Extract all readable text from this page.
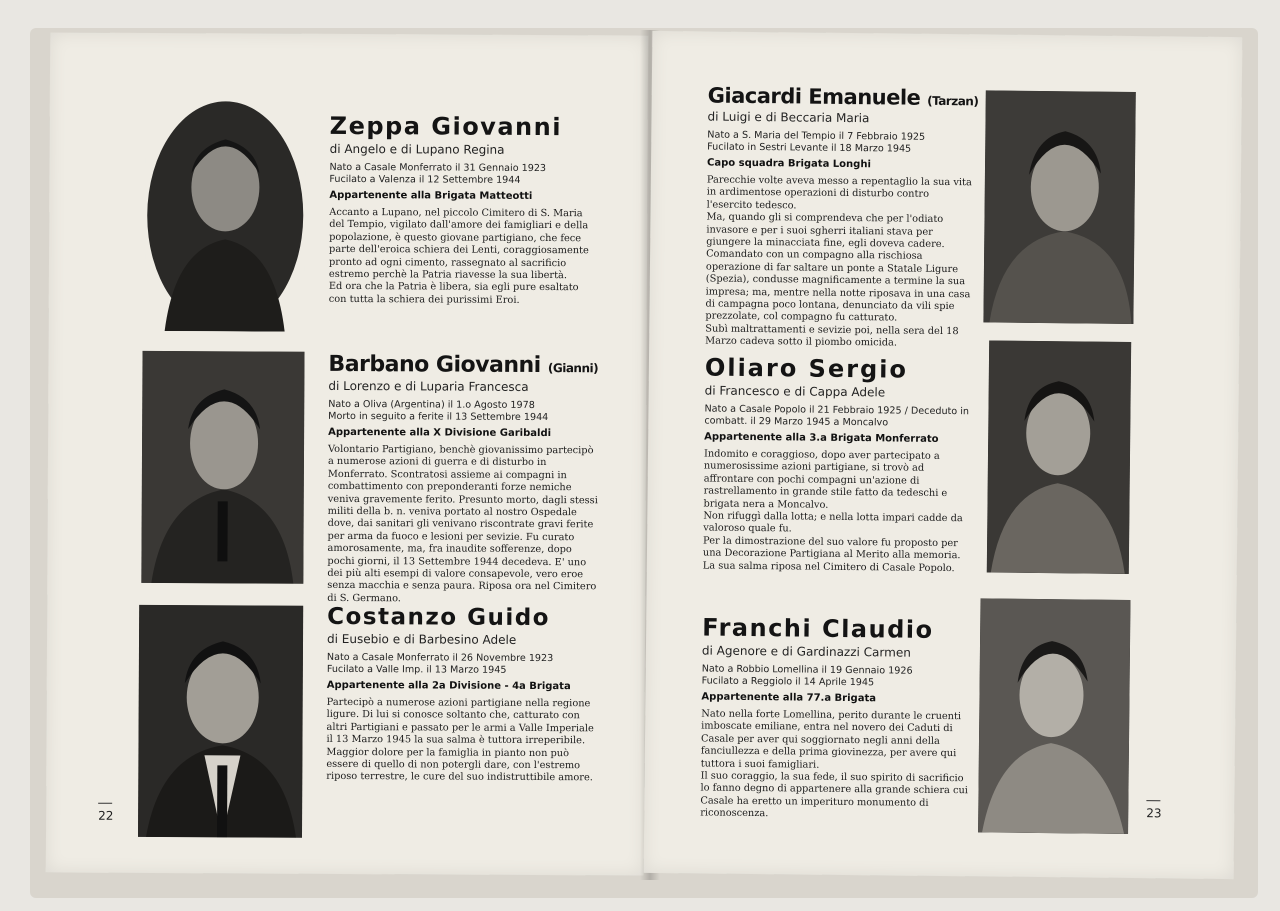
Zeppa Giovanni

di Angelo e di Lupano Regina

Nato a Casale Monferrato il 31 Gennaio 1923

Fucilato a Valenza il 12 Settembre 1944

Appartenente alla Brigata Matteotti

Accanto a Lupano, nel piccolo Cimitero di S. Maria del Tempio, vigilato dall'amore dei famigliari e della popolazione, è questo giovane partigiano, che fece parte dell'eroica schiera dei Lenti, coraggiosamente pronto ad ogni cimento, rassegnato al sacrificio estremo perchè la Patria riavesse la sua libertà.
Ed ora che la Patria è libera, sia egli pure esaltato con tutta la schiera dei purissimi Eroi.

Barbano Giovanni (Gianni)

di Lorenzo e di Luparia Francesca

Nato a Oliva (Argentina) il 1.o Agosto 1978

Morto in seguito a ferite il 13 Settembre 1944

Appartenente alla X Divisione Garibaldi

Volontario Partigiano, benchè giovanissimo partecipò a numerose azioni di guerra e di disturbo in Monferrato. Scontratosi assieme ai compagni in combattimento con preponderanti forze nemiche veniva gravemente ferito. Presunto morto, dagli stessi militi della b. n. veniva portato al nostro Ospedale dove, dai sanitari gli venivano riscontrate gravi ferite per arma da fuoco e lesioni per sevizie. Fu curato amorosamente, ma, fra inaudite sofferenze, dopo pochi giorni, il 13 Settembre 1944 decedeva. E' uno dei più alti esempi di valore consapevole, vero eroe senza macchia e senza paura. Riposa ora nel Cimitero di S. Germano.

Costanzo Guido

di Eusebio e di Barbesino Adele

Nato a Casale Monferrato il 26 Novembre 1923

Fucilato a Valle Imp. il 13 Marzo 1945

Appartenente alla 2a Divisione - 4a Brigata

Partecipò a numerose azioni partigiane nella regione ligure. Di lui si conosce soltanto che, catturato con altri Partigiani e passato per le armi a Valle Imperiale il 13 Marzo 1945 la sua salma è tuttora irreperibile.
Maggior dolore per la famiglia in pianto non può essere di quello di non potergli dare, con l'estremo riposo terrestre, le cure del suo indistruttibile amore.

22
Giacardi Emanuele (Tarzan)

di Luigi e di Beccaria Maria

Nato a S. Maria del Tempio il 7 Febbraio 1925

Fucilato in Sestri Levante il 18 Marzo 1945

Capo squadra Brigata Longhi

Parecchie volte aveva messo a repentaglio la sua vita in ardimentose operazioni di disturbo contro l'esercito tedesco.
Ma, quando gli si comprendeva che per l'odiato invasore e per i suoi sgherri italiani stava per giungere la minacciata fine, egli doveva cadere.
Comandato con un compagno alla rischiosa operazione di far saltare un ponte a Statale Ligure (Spezia), condusse magnificamente a termine la sua impresa; ma, mentre nella notte riposava in una casa di campagna poco lontana, denunciato da vili spie prezzolate, col compagno fu catturato.
Subì maltrattamenti e sevizie poi, nella sera del 18 Marzo cadeva sotto il piombo omicida.

Oliaro Sergio

di Francesco e di Cappa Adele

Nato a Casale Popolo il 21 Febbraio 1925 / Deceduto in combatt. il 29 Marzo 1945 a Moncalvo

Appartenente alla 3.a Brigata Monferrato

Indomito e coraggioso, dopo aver partecipato a numerosissime azioni partigiane, si trovò ad affrontare con pochi compagni un'azione di rastrellamento in grande stile fatto da tedeschi e brigata nera a Moncalvo.
Non rifuggì dalla lotta; e nella lotta impari cadde da valoroso quale fu.
Per la dimostrazione del suo valore fu proposto per una Decorazione Partigiana al Merito alla memoria.
La sua salma riposa nel Cimitero di Casale Popolo.

Franchi Claudio

di Agenore e di Gardinazzi Carmen

Nato a Robbio Lomellina il 19 Gennaio 1926

Fucilato a Reggiolo il 14 Aprile 1945

Appartenente alla 77.a Brigata

Nato nella forte Lomellina, perito durante le cruenti imboscate emiliane, entra nel novero dei Caduti di Casale per aver qui soggiornato negli anni della fanciullezza e della prima giovinezza, per avere qui tuttora i suoi famigliari.
Il suo coraggio, la sua fede, il suo spirito di sacrificio lo fanno degno di appartenere alla grande schiera cui Casale ha eretto un imperituro monumento di riconoscenza.	23
